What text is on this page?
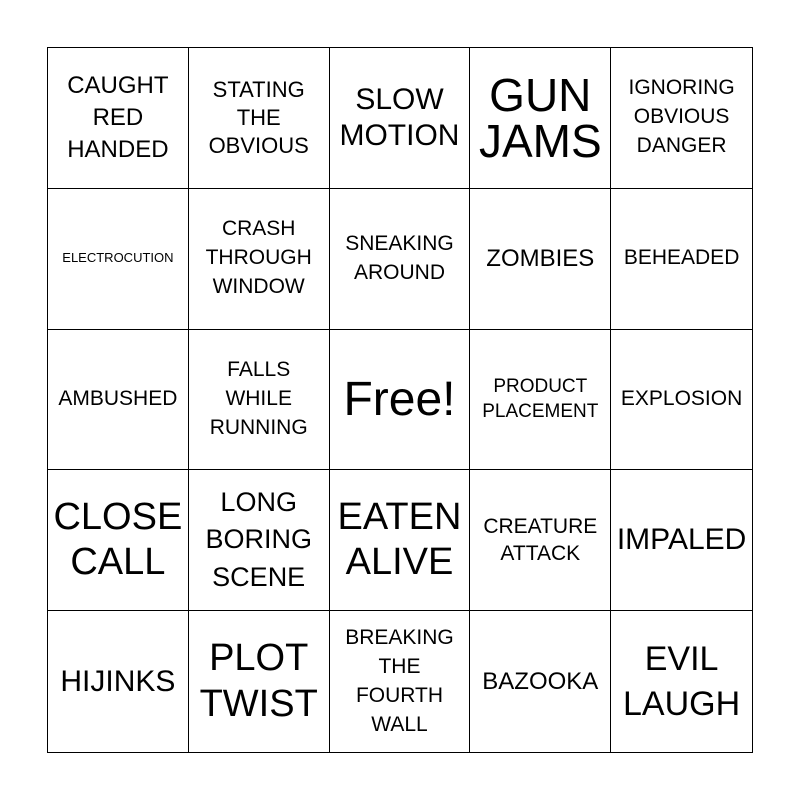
CAUGHT RED HANDED
STATING THE OBVIOUS
SLOW MOTION
GUN JAMS
IGNORING OBVIOUS DANGER
ELECTROCUTION
CRASH THROUGH WINDOW
SNEAKING AROUND
ZOMBIES BEHEADED
AMBUSHED
FALLS WHILE RUNNING
Free!	PRODUCT PLACEMENT
EXPLOSION
CLOSE CALL
LONG BORING SCENE
EATEN ALIVE
CREATURE ATTACK	IMPALED
HIJINKS
PLOT TWIST
BREAKING THE FOURTH WALL
BAZOOKA
EVIL LAUGH
